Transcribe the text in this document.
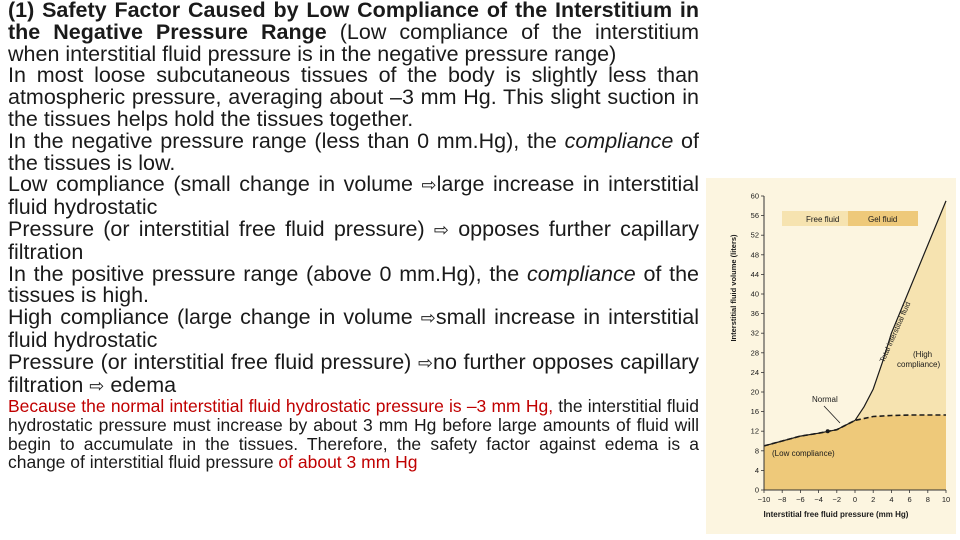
(1) Safety Factor Caused by Low Compliance of the Interstitium in the Negative Pressure Range (Low compliance of the interstitium when interstitial fluid pressure is in the negative pressure range)

In most loose subcutaneous tissues of the body is slightly less than atmospheric pressure, averaging about –3 mm Hg. This slight suction in the tissues helps hold the tissues together.

In the negative pressure range (less than 0 mm.Hg), the compliance of the tissues is low.

Low compliance (small change in volume ⇨large increase in interstitial fluid hydrostatic

Pressure (or interstitial free fluid pressure) ⇨ opposes further capillary filtration

In the positive pressure range (above 0 mm.Hg), the compliance of the tissues is high.

High compliance (large change in volume ⇨small increase in interstitial fluid hydrostatic

Pressure (or interstitial free fluid pressure) ⇨no further opposes capillary filtration ⇨ edema

Because the normal interstitial fluid hydrostatic pressure is –3 mm Hg, the interstitial fluid hydrostatic pressure must increase by about 3 mm Hg before large amounts of fluid will begin to accumulate in the tissues. Therefore, the safety factor against edema is a change of interstitial fluid pressure of about 3 mm Hg

0
4
8
12
16
20
24
28
32
36
40
44
48
52
56
60
−10 −8 −6 −4 −2 0 2 4 6 8 10
Interstitial fluid volume (liters)
Interstitial free fluid pressure (mm Hg)
Free fluid	Gel fluid
Total interstitial fluid
(Low compliance)
(High compliance)
Normal
